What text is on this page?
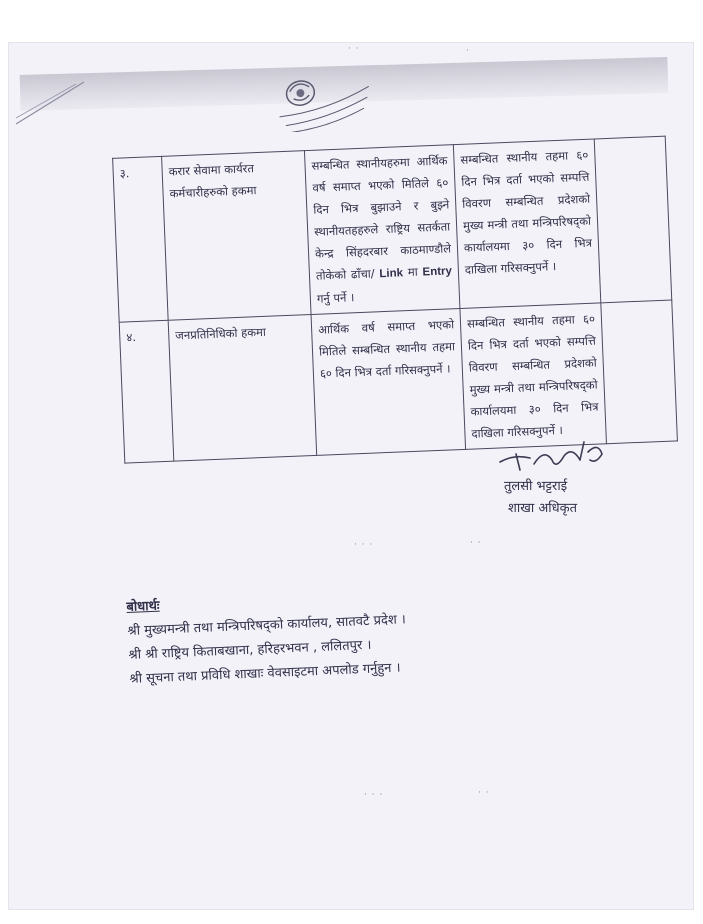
· ·	·
३.	करार सेवामा कार्यरत कर्मचारीहरुको हकमा	सम्बन्धित स्थानीयहरुमा आर्थिक वर्ष समाप्त भएको मितिले ६० दिन भित्र बुझाउने र बुझ्ने स्थानीयतहहरुले राष्ट्रिय सतर्कता केन्द्र सिंहदरबार काठमाण्डौले तोकेको ढाँचा/ Link मा Entry गर्नु पर्ने ।	सम्बन्धित स्थानीय तहमा ६० दिन भित्र दर्ता भएको सम्पत्ति विवरण सम्बन्धित प्रदेशको मुख्य मन्त्री तथा मन्त्रिपरिषद्को कार्यालयमा ३० दिन भित्र दाखिला गरिसक्नुपर्ने ।	
४.	जनप्रतिनिधिको हकमा	आर्थिक वर्ष समाप्त भएको मितिले सम्बन्धित स्थानीय तहमा ६० दिन भित्र दर्ता गरिसक्नुपर्ने ।	सम्बन्धित स्थानीय तहमा ६० दिन भित्र दर्ता भएको सम्पत्ति विवरण सम्बन्धित प्रदेशको मुख्य मन्त्री तथा मन्त्रिपरिषद्को कार्यालयमा ३० दिन भित्र दाखिला गरिसक्नुपर्ने ।	
तुलसी भट्टराई
शाखा अधिकृत
बोधार्थः
श्री मुख्यमन्त्री तथा मन्त्रिपरिषद्को कार्यालय, सातवटै प्रदेश ।
श्री श्री राष्ट्रिय किताबखाना, हरिहरभवन , ललितपुर ।
श्री सूचना तथा प्रविधि शाखाः वेवसाइटमा अपलोड गर्नुहुन ।
· · ·	· ·
· · ·	· ·
